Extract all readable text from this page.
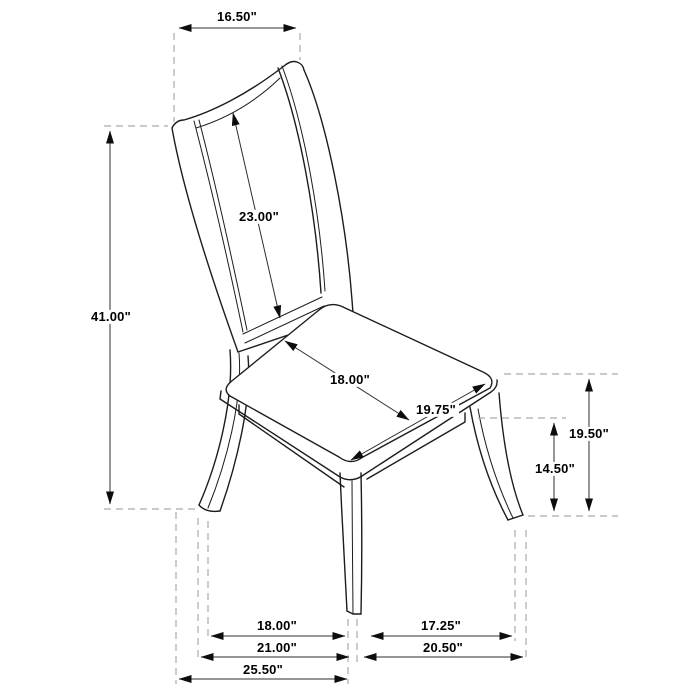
16.50"
41.00"
23.00"
18.00"
19.75"
19.50"
14.50"
18.00"	17.25"
21.00"	20.50"
25.50"
